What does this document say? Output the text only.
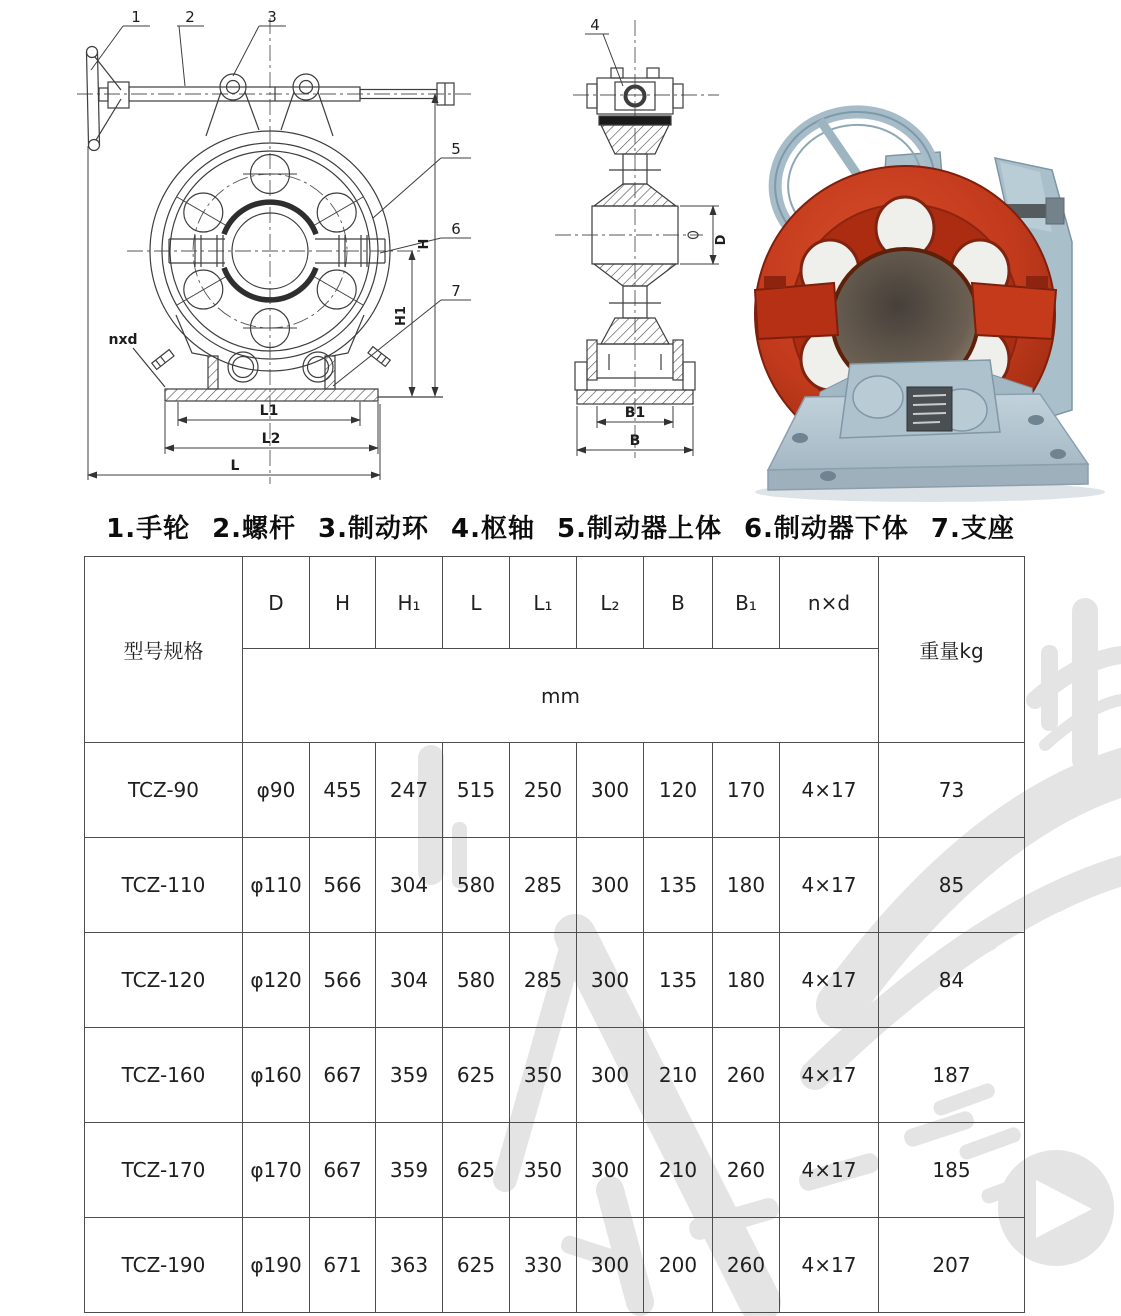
1	2	3
5
6
7
nxd
L1
L2
L
H1
H
4
B1
B
D
1.手轮 2.螺杆 3.制动环 4.枢轴 5.制动器上体 6.制动器下体 7.支座
型号规格	D	H	H₁	L	L₁	L₂	B	B₁	n×d	重量kg
	mm									
TCZ-90	φ90	455	247	515	250	300	120	170	4×17	73
TCZ-110	φ110	566	304	580	285	300	135	180	4×17	85
TCZ-120	φ120	566	304	580	285	300	135	180	4×17	84
TCZ-160	φ160	667	359	625	350	300	210	260	4×17	187
TCZ-170	φ170	667	359	625	350	300	210	260	4×17	185
TCZ-190	φ190	671	363	625	330	300	200	260	4×17	207
